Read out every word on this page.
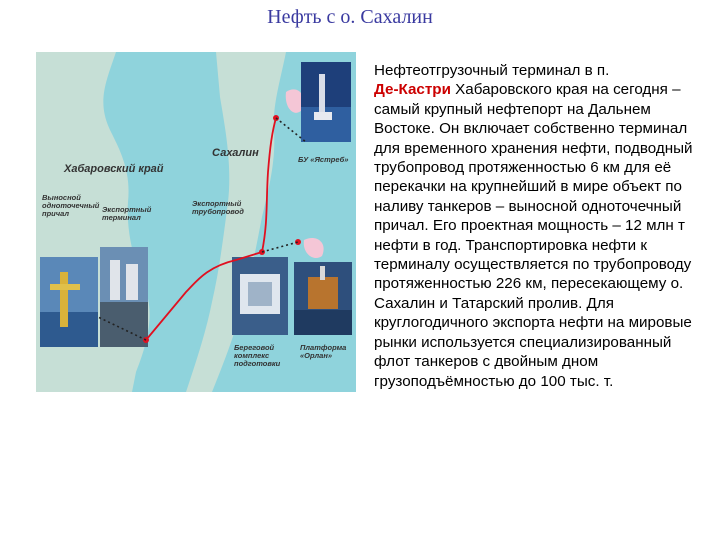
Нефть с о. Сахалин
Хабаровский край
Сахалин
БУ «Ястреб»
Выносной
одноточечный
причал	Экспортный
терминал
Экспортный
трубопровод
Береговой
комплекс
подготовки
Платформа
«Орлан»
Нефтеотгрузочный терминал в п.
Де-Кастри Хабаровского края на сегодня – самый крупный нефтепорт на Дальнем Востоке. Он включает собственно терминал для временного хранения нефти, подводный трубопровод протяженностью 6 км для её перекачки на крупнейший в мире объект по наливу танкеров – выносной одноточечный причал. Его проектная мощность – 12 млн т нефти в год. Транспортировка нефти к терминалу осуществляется по трубопроводу протяженностью 226 км, пересекающему о. Сахалин и Татарский пролив. Для круглогодичного экспорта нефти на мировые рынки используется специализированный флот танкеров с двойным дном грузоподъёмностью до 100 тыс. т.
